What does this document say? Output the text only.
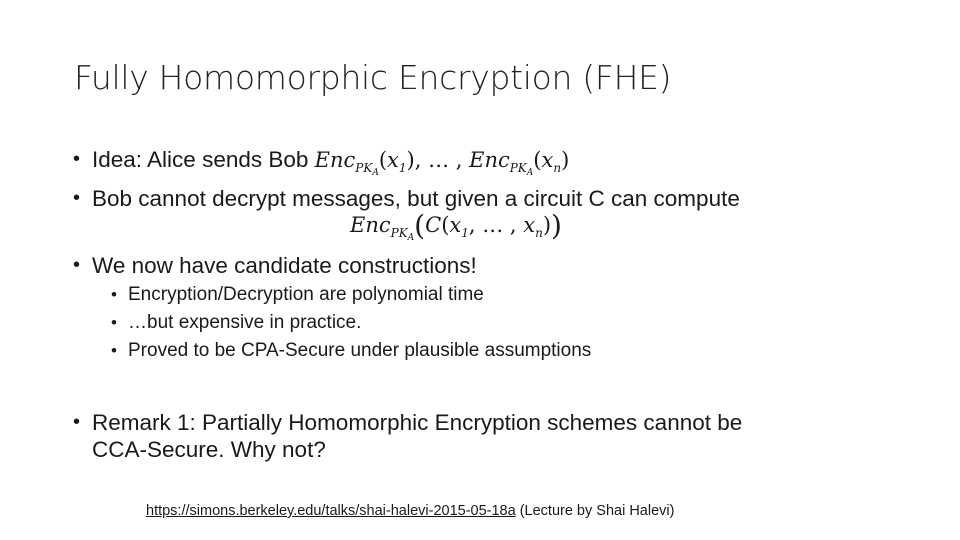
Fully Homomorphic Encryption (FHE)
• Idea: Alice sends Bob $Enc_{PK_A}(x_1)$, … , $Enc_{PK_A}(x_n)$
• Bob cannot decrypt messages, but given a circuit C can compute
$Enc_{PK_A}(C(x_1$, … , $x_n$))
• We now have candidate constructions!
• Encryption/Decryption are polynomial time
• …but expensive in practice.
• Proved to be CPA-Secure under plausible assumptions
• Remark 1: Partially Homomorphic Encryption schemes cannot be
CCA-Secure. Why not?
https://simons.berkeley.edu/talks/shai-halevi-2015-05-18a (Lecture by Shai Halevi)
